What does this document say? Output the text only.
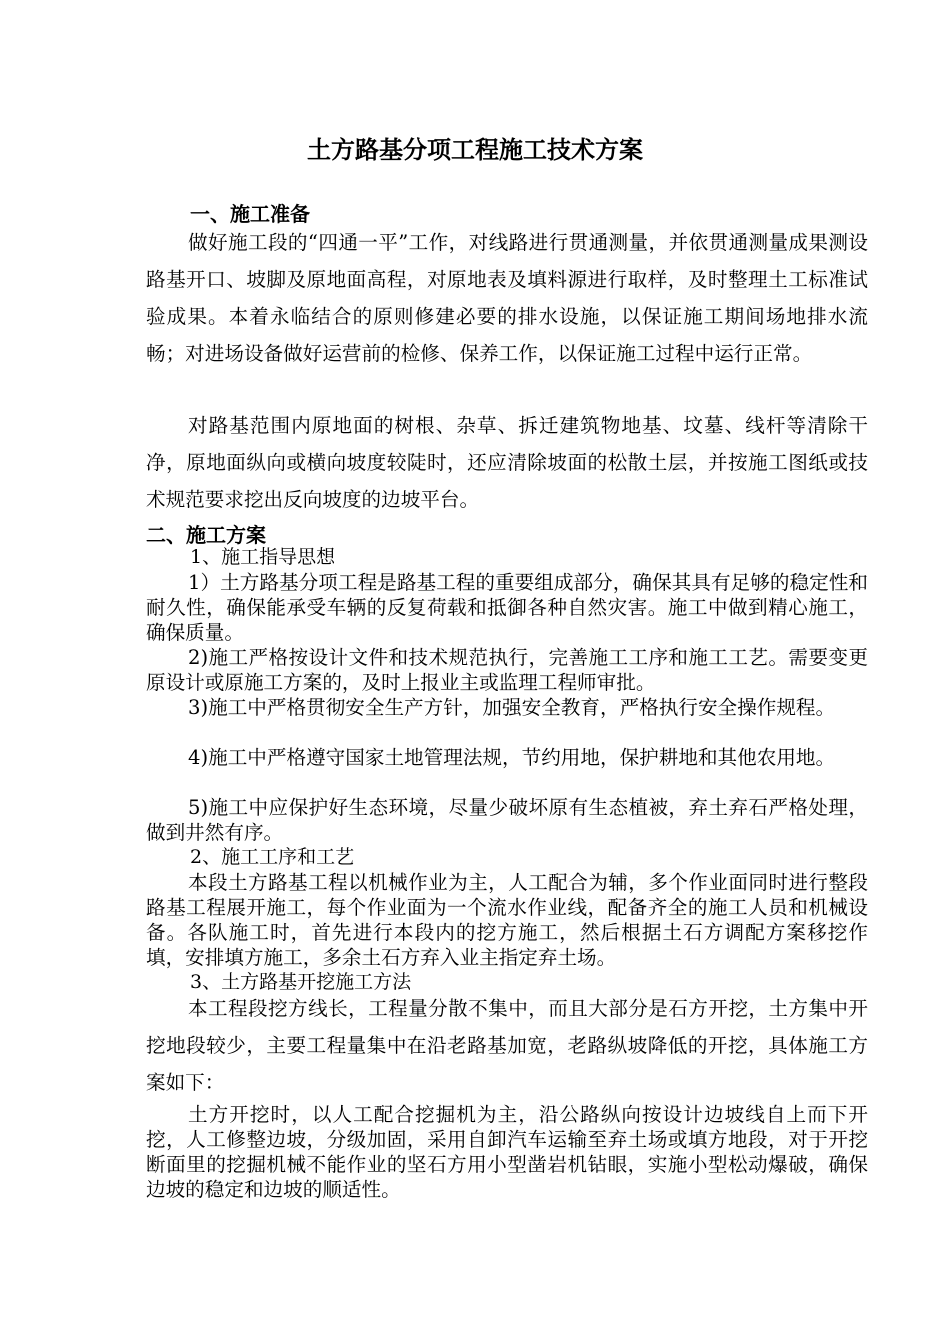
土方路基分项工程施工技术方案
一、施工准备

做好施工段的“四通一平”工作，对线路进行贯通测量，并依贯通测量成果测设路基开口、坡脚及原地面高程，对原地表及填料源进行取样，及时整理土工标准试验成果。本着永临结合的原则修建必要的排水设施，以保证施工期间场地排水流畅；对进场设备做好运营前的检修、保养工作，以保证施工过程中运行正常。

对路基范围内原地面的树根、杂草、拆迁建筑物地基、坟墓、线杆等清除干净，原地面纵向或横向坡度较陡时，还应清除坡面的松散土层，并按施工图纸或技术规范要求挖出反向坡度的边坡平台。

二、施工方案
1、施工指导思想

1）土方路基分项工程是路基工程的重要组成部分，确保其具有足够的稳定性和耐久性，确保能承受车辆的反复荷载和抵御各种自然灾害。施工中做到精心施工，确保质量。

2)施工严格按设计文件和技术规范执行，完善施工工序和施工工艺。需要变更原设计或原施工方案的，及时上报业主或监理工程师审批。

3)施工中严格贯彻安全生产方针，加强安全教育，严格执行安全操作规程。

4)施工中严格遵守国家土地管理法规，节约用地，保护耕地和其他农用地。

5)施工中应保护好生态环境，尽量少破坏原有生态植被，弃土弃石严格处理，做到井然有序。

2、施工工序和工艺

本段土方路基工程以机械作业为主，人工配合为辅，多个作业面同时进行整段路基工程展开施工，每个作业面为一个流水作业线，配备齐全的施工人员和机械设备。各队施工时，首先进行本段内的挖方施工，然后根据土石方调配方案移挖作填，安排填方施工，多余土石方弃入业主指定弃土场。

3、土方路基开挖施工方法

本工程段挖方线长，工程量分散不集中，而且大部分是石方开挖，土方集中开挖地段较少，主要工程量集中在沿老路基加宽，老路纵坡降低的开挖，具体施工方案如下：

土方开挖时，以人工配合挖掘机为主，沿公路纵向按设计边坡线自上而下开挖，人工修整边坡，分级加固，采用自卸汽车运输至弃土场或填方地段，对于开挖断面里的挖掘机械不能作业的坚石方用小型凿岩机钻眼，实施小型松动爆破，确保边坡的稳定和边坡的顺适性。
